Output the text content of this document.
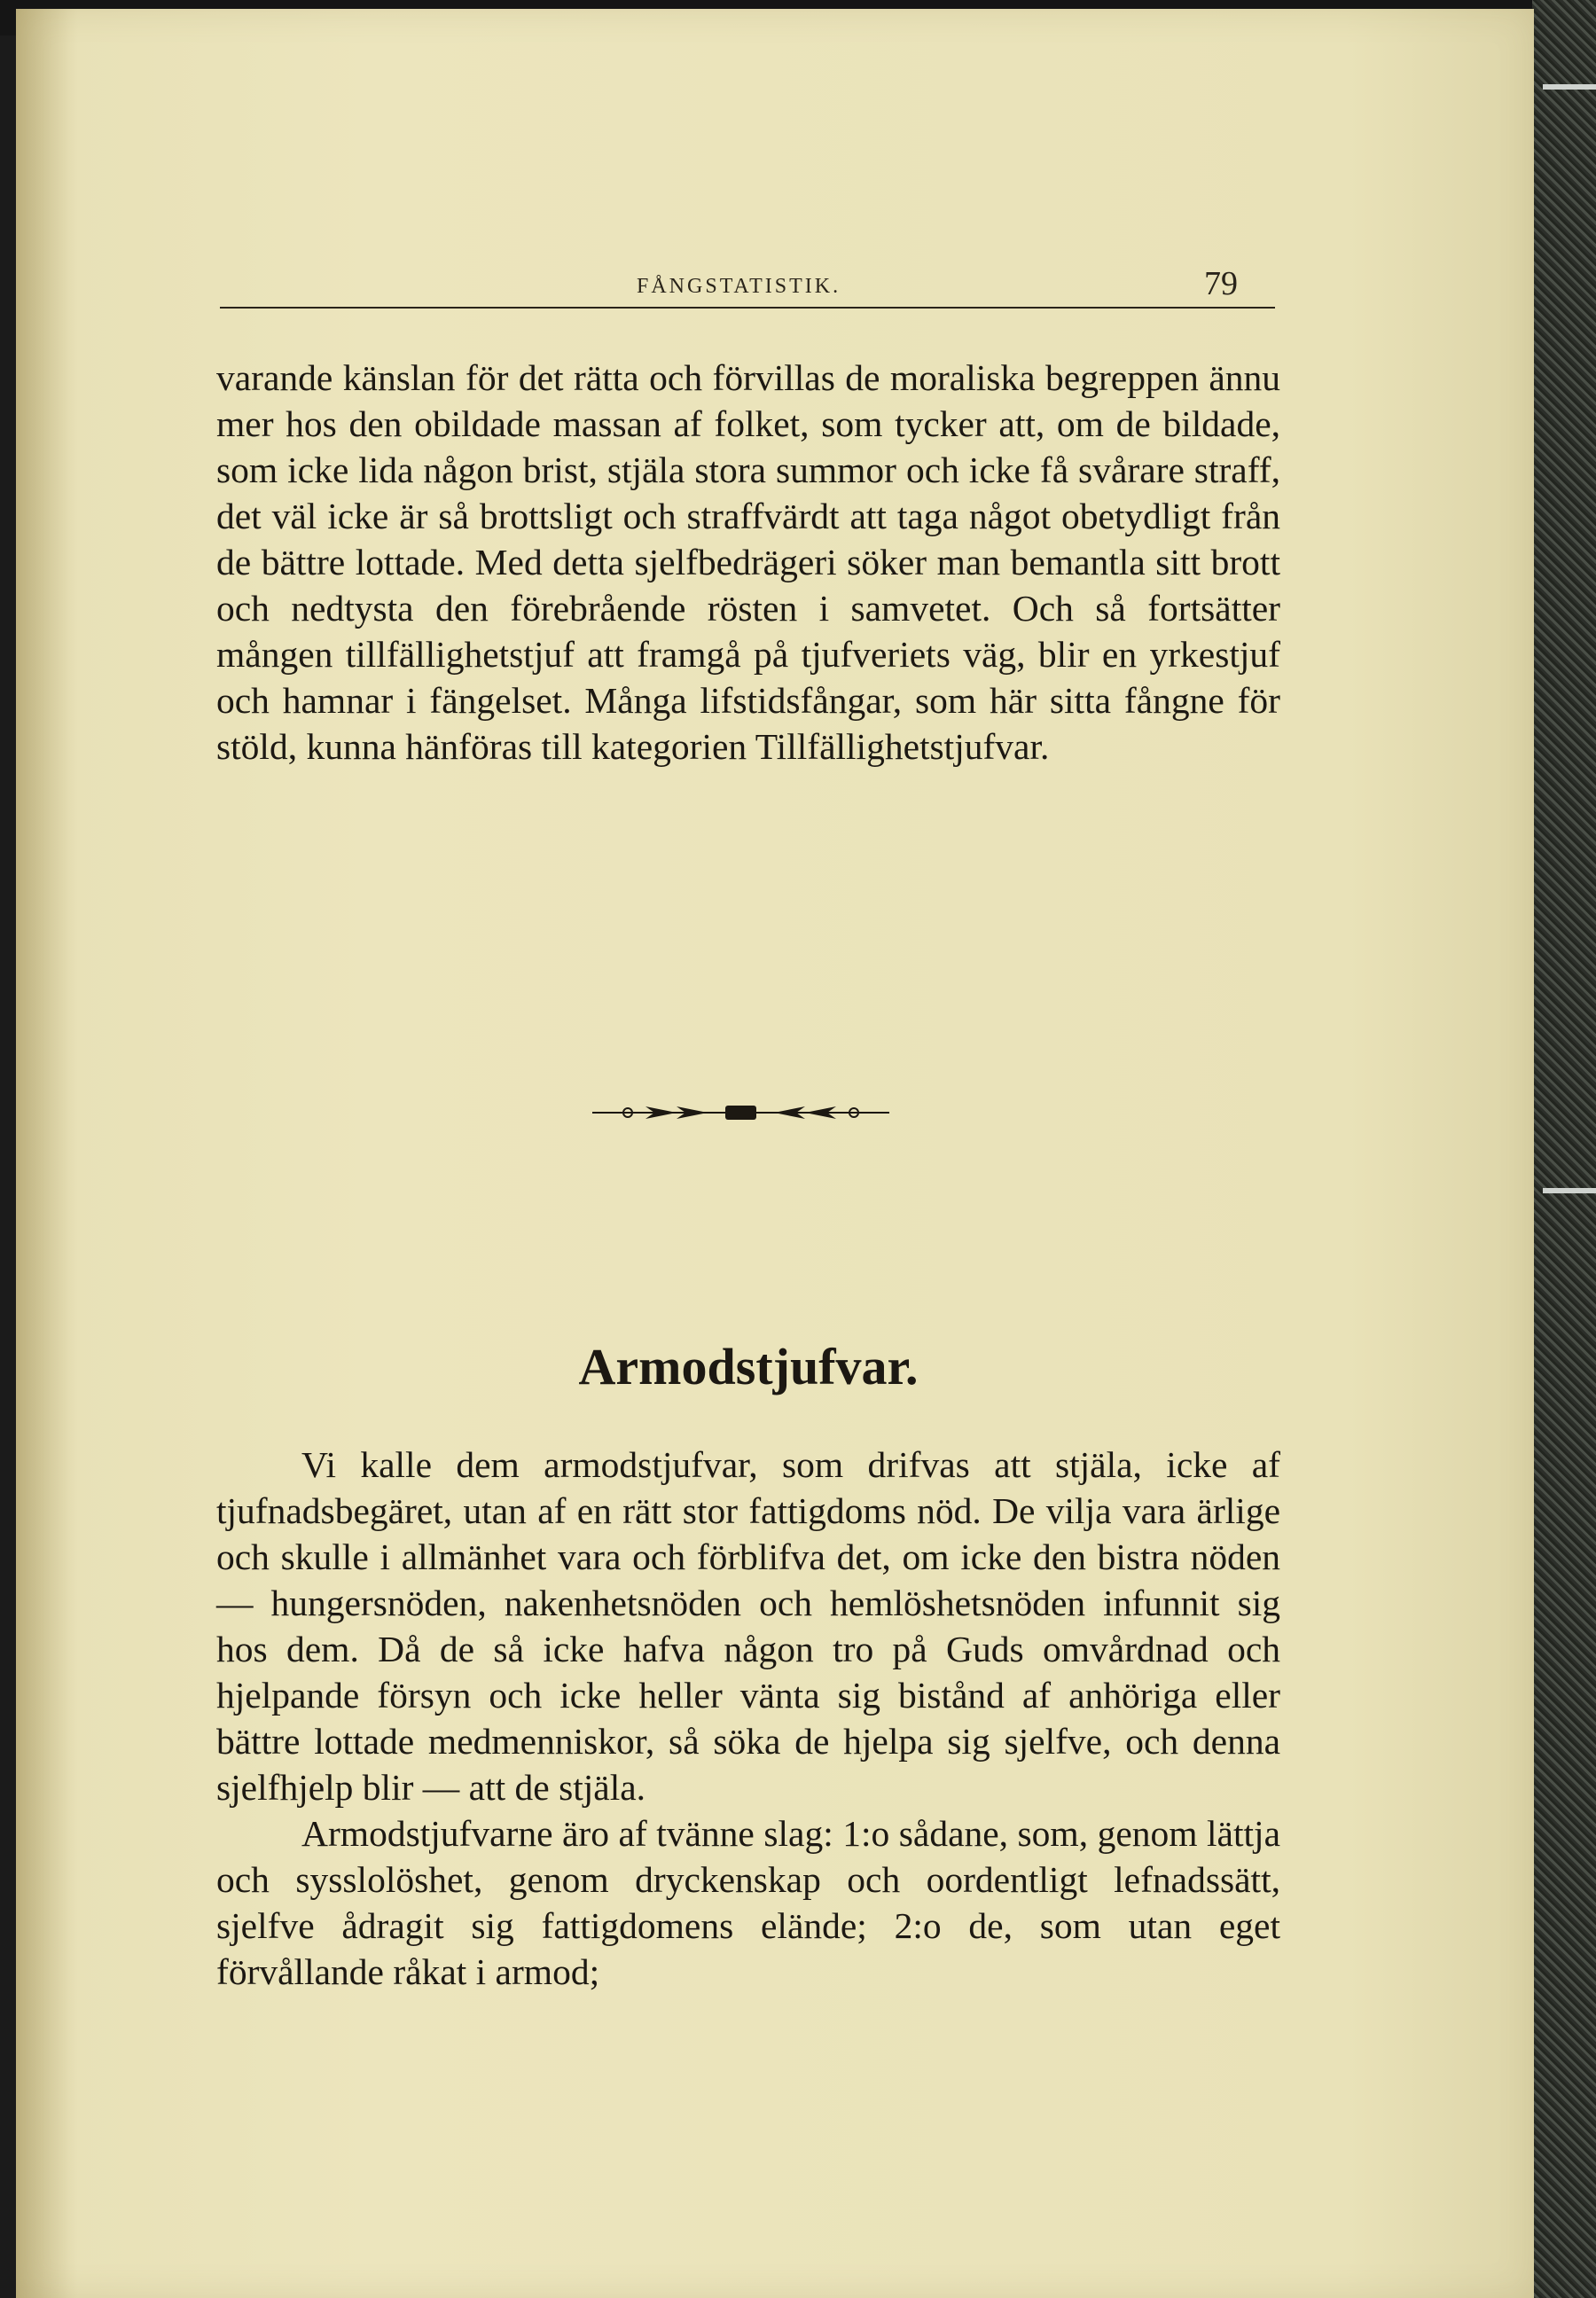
FÅNGSTATISTIK.	79

varande känslan för det rätta och förvillas de moraliska begreppen ännu mer hos den obildade massan af folket, som tycker att, om de bildade, som icke lida någon brist, stjäla stora summor och icke få svårare straff, det väl icke är så brottsligt och straffvärdt att taga något obetydligt från de bättre lottade. Med detta sjelfbedrägeri söker man bemantla sitt brott och nedtysta den förebrående rösten i samvetet. Och så fortsätter mången tillfällighetstjuf att framgå på tjufveriets väg, blir en yrkestjuf och hamnar i fängelset. Många lifstidsfångar, som här sitta fångne för stöld, kunna hänföras till kategorien Tillfällighetstjufvar.

Armodstjufvar.

Vi kalle dem armodstjufvar, som drifvas att stjäla, icke af tjufnadsbegäret, utan af en rätt stor fattigdoms nöd. De vilja vara ärlige och skulle i allmänhet vara och förblifva det, om icke den bistra nöden — hungersnöden, nakenhetsnöden och hemlöshetsnöden infunnit sig hos dem. Då de så icke hafva någon tro på Guds omvårdnad och hjelpande försyn och icke heller vänta sig bistånd af anhöriga eller bättre lottade medmenniskor, så söka de hjelpa sig sjelfve, och denna sjelfhjelp blir — att de stjäla.

Armodstjufvarne äro af tvänne slag: 1:o sådane, som, genom lättja och sysslolöshet, genom dryckenskap och oordentligt lefnadssätt, sjelfve ådragit sig fattigdomens elände; 2:o de, som utan eget förvållande råkat i armod;
